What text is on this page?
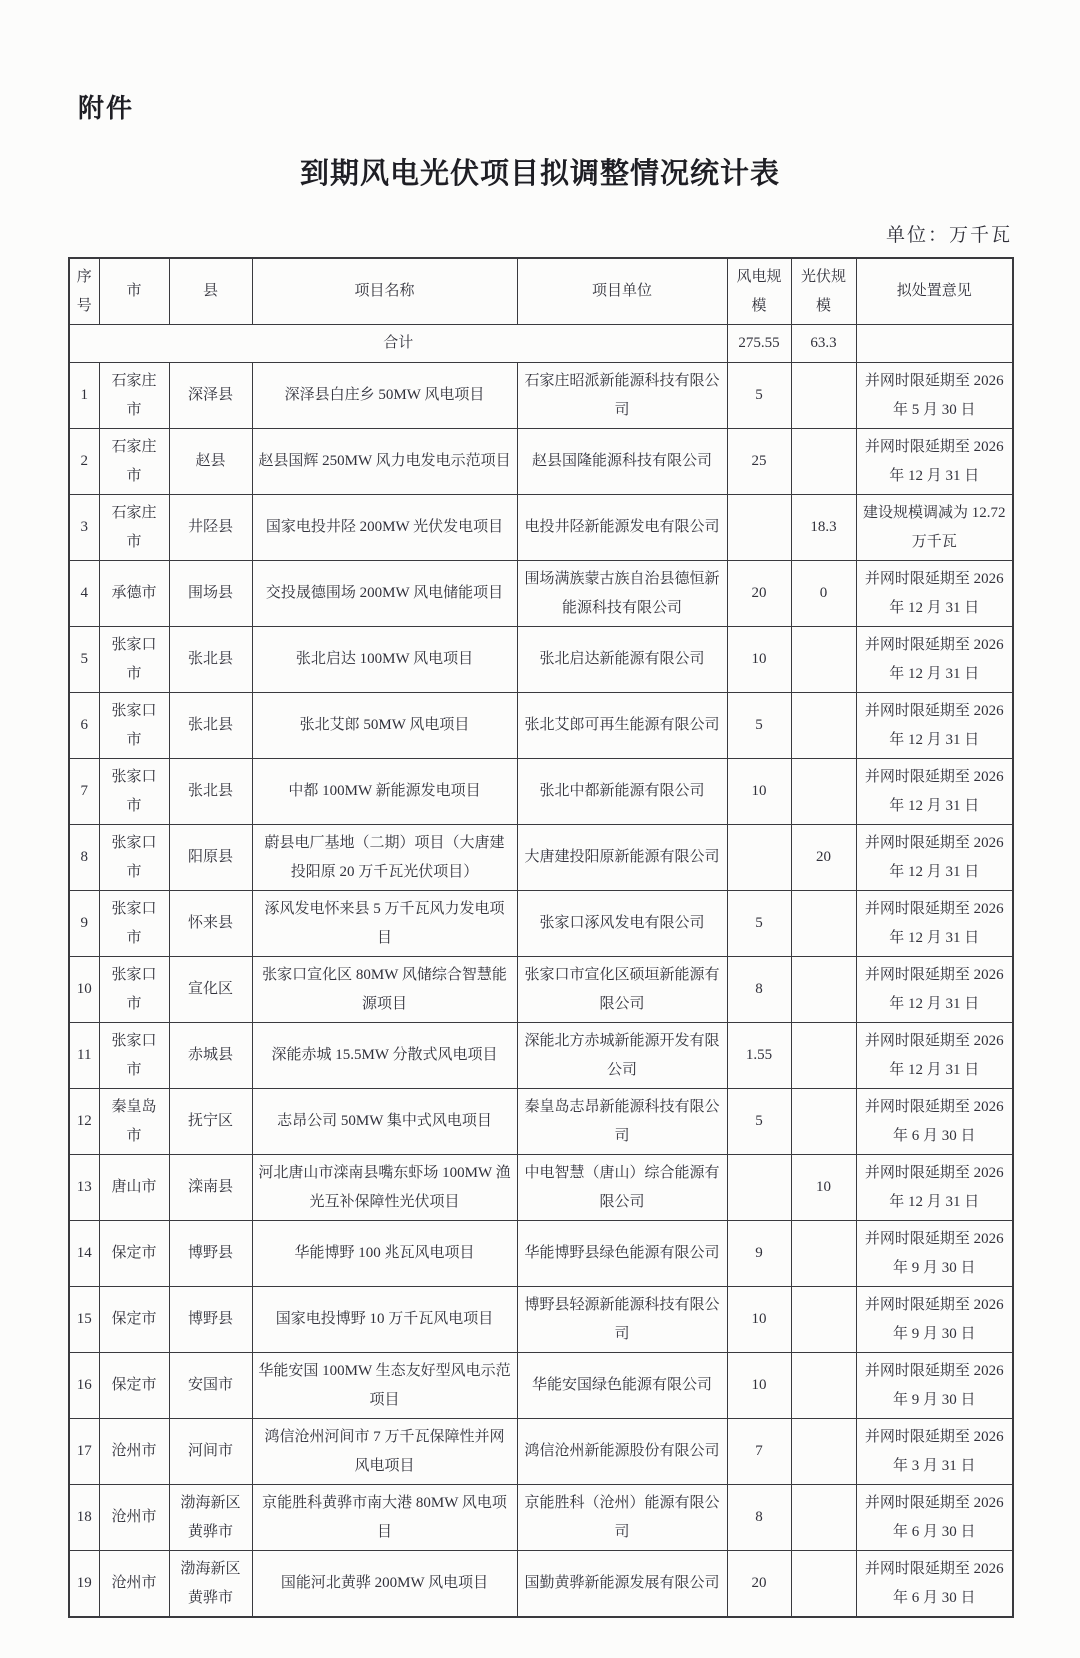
附件
到期风电光伏项目拟调整情况统计表
单位：万千瓦
序号	市	县	项目名称	项目单位	风电规模	光伏规模	拟处置意见
合计					275.55	63.3	
1	石家庄市	深泽县	深泽县白庄乡 50MW 风电项目	石家庄昭派新能源科技有限公司	5		并网时限延期至 2026 年 5 月 30 日
2	石家庄市	赵县	赵县国辉 250MW 风力电发电示范项目	赵县国隆能源科技有限公司	25		并网时限延期至 2026 年 12 月 31 日
3	石家庄市	井陉县	国家电投井陉 200MW 光伏发电项目	电投井陉新能源发电有限公司		18.3	建设规模调减为 12.72 万千瓦
4	承德市	围场县	交投晟德围场 200MW 风电储能项目	围场满族蒙古族自治县德恒新能源科技有限公司	20	0	并网时限延期至 2026 年 12 月 31 日
5	张家口市	张北县	张北启达 100MW 风电项目	张北启达新能源有限公司	10		并网时限延期至 2026 年 12 月 31 日
6	张家口市	张北县	张北艾郎 50MW 风电项目	张北艾郎可再生能源有限公司	5		并网时限延期至 2026 年 12 月 31 日
7	张家口市	张北县	中都 100MW 新能源发电项目	张北中都新能源有限公司	10		并网时限延期至 2026 年 12 月 31 日
8	张家口市	阳原县	蔚县电厂基地（二期）项目（大唐建投阳原 20 万千瓦光伏项目）	大唐建投阳原新能源有限公司		20	并网时限延期至 2026 年 12 月 31 日
9	张家口市	怀来县	涿风发电怀来县 5 万千瓦风力发电项目	张家口涿风发电有限公司	5		并网时限延期至 2026 年 12 月 31 日
10	张家口市	宣化区	张家口宣化区 80MW 风储综合智慧能源项目	张家口市宣化区硕垣新能源有限公司	8		并网时限延期至 2026 年 12 月 31 日
11	张家口市	赤城县	深能赤城 15.5MW 分散式风电项目	深能北方赤城新能源开发有限公司	1.55		并网时限延期至 2026 年 12 月 31 日
12	秦皇岛市	抚宁区	志昂公司 50MW 集中式风电项目	秦皇岛志昂新能源科技有限公司	5		并网时限延期至 2026 年 6 月 30 日
13	唐山市	滦南县	河北唐山市滦南县嘴东虾场 100MW 渔光互补保障性光伏项目	中电智慧（唐山）综合能源有限公司		10	并网时限延期至 2026 年 12 月 31 日
14	保定市	博野县	华能博野 100 兆瓦风电项目	华能博野县绿色能源有限公司	9		并网时限延期至 2026 年 9 月 30 日
15	保定市	博野县	国家电投博野 10 万千瓦风电项目	博野县轻源新能源科技有限公司	10		并网时限延期至 2026 年 9 月 30 日
16	保定市	安国市	华能安国 100MW 生态友好型风电示范项目	华能安国绿色能源有限公司	10		并网时限延期至 2026 年 9 月 30 日
17	沧州市	河间市	鸿信沧州河间市 7 万千瓦保障性并网风电项目	鸿信沧州新能源股份有限公司	7		并网时限延期至 2026 年 3 月 31 日
18	沧州市	渤海新区黄骅市	京能胜科黄骅市南大港 80MW 风电项目	京能胜科（沧州）能源有限公司	8		并网时限延期至 2026 年 6 月 30 日
19	沧州市	渤海新区黄骅市	国能河北黄骅 200MW 风电项目	国勤黄骅新能源发展有限公司	20		并网时限延期至 2026 年 6 月 30 日
